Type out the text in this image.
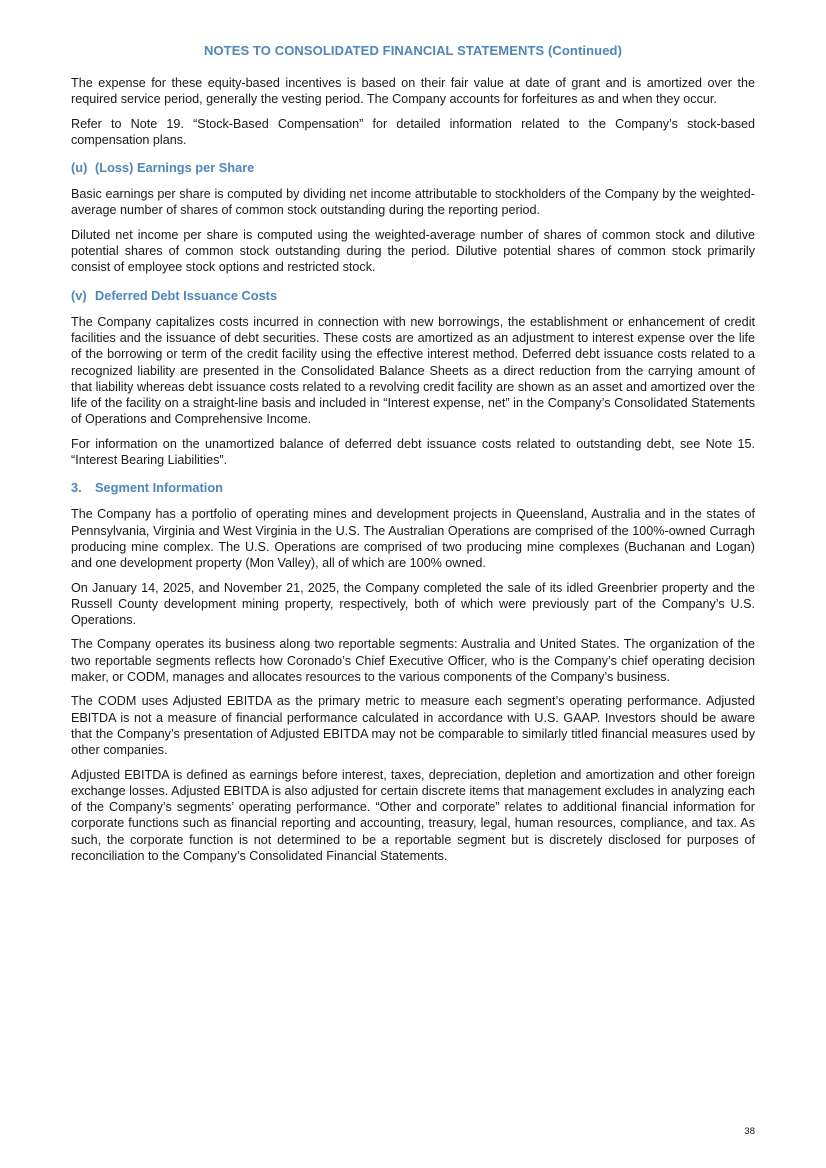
NOTES TO CONSOLIDATED FINANCIAL STATEMENTS (Continued)

The expense for these equity-based incentives is based on their fair value at date of grant and is amortized over the required service period, generally the vesting period. The Company accounts for forfeitures as and when they occur.

Refer to Note 19. “Stock-Based Compensation” for detailed information related to the Company’s stock-based compensation plans.

(u) (Loss) Earnings per Share

Basic earnings per share is computed by dividing net income attributable to stockholders of the Company by the weighted-average number of shares of common stock outstanding during the reporting period.

Diluted net income per share is computed using the weighted-average number of shares of common stock and dilutive potential shares of common stock outstanding during the period. Dilutive potential shares of common stock primarily consist of employee stock options and restricted stock.

(v) Deferred Debt Issuance Costs

The Company capitalizes costs incurred in connection with new borrowings, the establishment or enhancement of credit facilities and the issuance of debt securities. These costs are amortized as an adjustment to interest expense over the life of the borrowing or term of the credit facility using the effective interest method. Deferred debt issuance costs related to a recognized liability are presented in the Consolidated Balance Sheets as a direct reduction from the carrying amount of that liability whereas debt issuance costs related to a revolving credit facility are shown as an asset and amortized over the life of the facility on a straight-line basis and included in “Interest expense, net” in the Company’s Consolidated Statements of Operations and Comprehensive Income.

For information on the unamortized balance of deferred debt issuance costs related to outstanding debt, see Note 15. “Interest Bearing Liabilities”.

3. Segment Information

The Company has a portfolio of operating mines and development projects in Queensland, Australia and in the states of Pennsylvania, Virginia and West Virginia in the U.S. The Australian Operations are comprised of the 100%-owned Curragh producing mine complex. The U.S. Operations are comprised of two producing mine complexes (Buchanan and Logan) and one development property (Mon Valley), all of which are 100% owned.

On January 14, 2025, and November 21, 2025, the Company completed the sale of its idled Greenbrier property and the Russell County development mining property, respectively, both of which were previously part of the Company’s U.S. Operations.

The Company operates its business along two reportable segments: Australia and United States. The organization of the two reportable segments reflects how Coronado’s Chief Executive Officer, who is the Company’s chief operating decision maker, or CODM, manages and allocates resources to the various components of the Company’s business.

The CODM uses Adjusted EBITDA as the primary metric to measure each segment’s operating performance. Adjusted EBITDA is not a measure of financial performance calculated in accordance with U.S. GAAP. Investors should be aware that the Company’s presentation of Adjusted EBITDA may not be comparable to similarly titled financial measures used by other companies.

Adjusted EBITDA is defined as earnings before interest, taxes, depreciation, depletion and amortization and other foreign exchange losses. Adjusted EBITDA is also adjusted for certain discrete items that management excludes in analyzing each of the Company’s segments’ operating performance. “Other and corporate” relates to additional financial information for corporate functions such as financial reporting and accounting, treasury, legal, human resources, compliance, and tax. As such, the corporate function is not determined to be a reportable segment but is discretely disclosed for purposes of reconciliation to the Company’s Consolidated Financial Statements.

38
